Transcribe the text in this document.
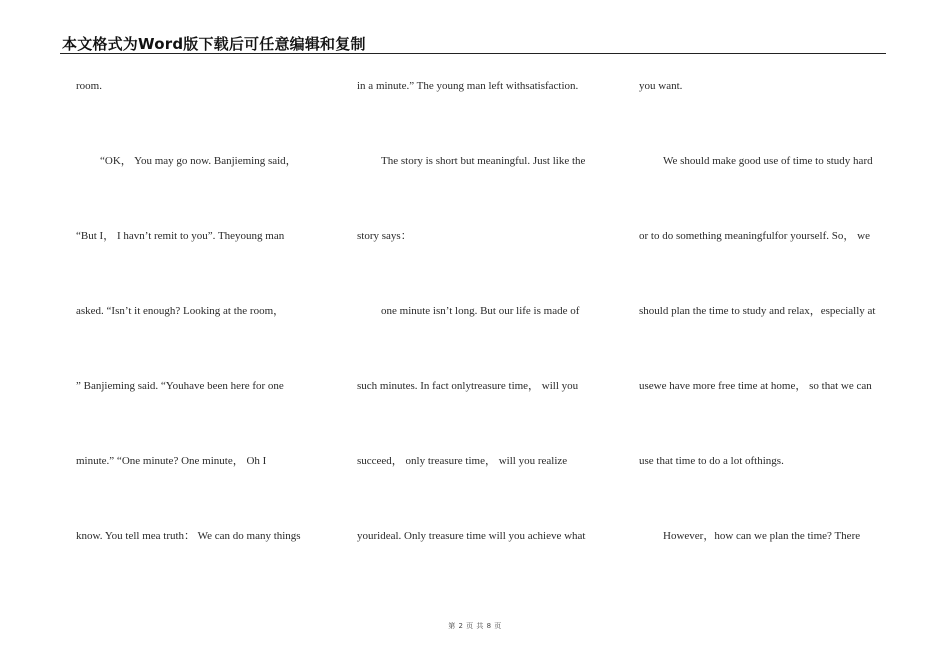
本文格式为Word版下载后可任意编辑和复制
room.
“OK， You may go now. Banjieming said，
“But I， I havn’t remit to you”. Theyoung man
asked. “Isn’t it enough? Looking at the room，
” Banjieming said. “Youhave been here for one
minute.” “One minute? One minute， Oh I
know. You tell mea truth： We can do many things
in a minute.” The young man left withsatisfaction.
The story is short but meaningful. Just like the
story says：
one minute isn’t long. But our life is made of
such minutes. In fact onlytreasure time， will you
succeed， only treasure time， will you realize
yourideal. Only treasure time will you achieve what
you want.
We should make good use of time to study hard
or to do something meaningfulfor yourself. So， we
should plan the time to study and relax，especially at
usewe have more free time at home， so that we can
use that time to do a lot ofthings.
However，how can we plan the time? There
第 2 页 共 8 页
